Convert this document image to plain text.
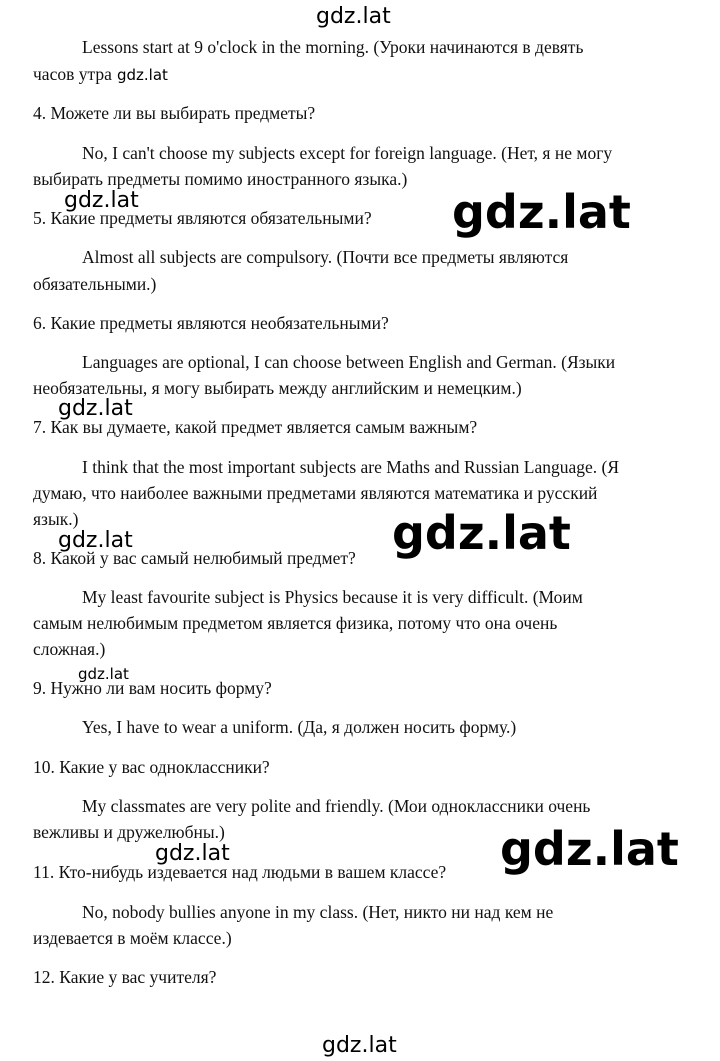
gdz.lat

Lessons start at 9 o'clock in the morning. (Уроки начинаются в девять

часов утра gdz.lat

4. Можете ли вы выбирать предметы?

No, I can't choose my subjects except for foreign language. (Нет, я не могу

выбирать предметы помимо иностранного языка.)

gdz.lat

5. Какие предметы являются обязательными? gdz.lat

Almost all subjects are compulsory. (Почти все предметы являются

обязательными.)

6. Какие предметы являются необязательными?

Languages are optional, I can choose between English and German. (Языки

необязательны, я могу выбирать между английским и немецким.)

gdz.lat

7. Как вы думаете, какой предмет является самым важным?

I think that the most important subjects are Maths and Russian Language. (Я

думаю, что наиболее важными предметами являются математика и русский

язык.)	gdz.lat
gdz.lat

8. Какой у вас самый нелюбимый предмет?

My least favourite subject is Physics because it is very difficult. (Моим

самым нелюбимым предметом является физика, потому что она очень

сложная.)

gdz.lat

9. Нужно ли вам носить форму?

Yes, I have to wear a uniform. (Да, я должен носить форму.)

10. Какие у вас одноклассники?

My classmates are very polite and friendly. (Мои одноклассники очень

вежливы и дружелюбны.)	gdz.lat
gdz.lat

11. Кто-нибудь издевается над людьми в вашем классе?

No, nobody bullies anyone in my class. (Нет, никто ни над кем не

издевается в моём классе.)

12. Какие у вас учителя?

gdz.lat
